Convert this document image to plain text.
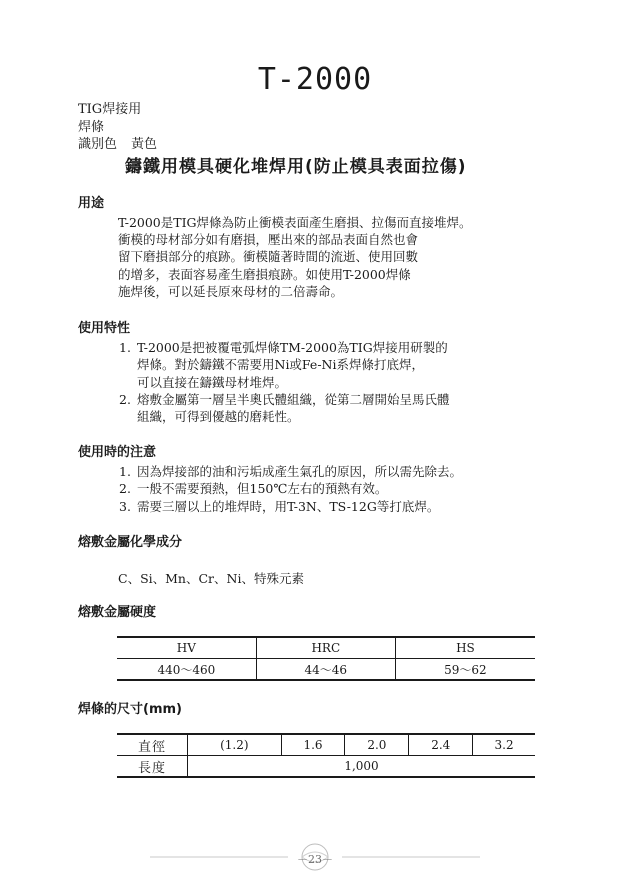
T-2000
TIG焊接用
焊條
識別色 黃色
鑄鐵用模具硬化堆焊用(防止模具表面拉傷)
用途
T-2000是TIG焊條為防止衝模表面產生磨損、拉傷而直接堆焊。
衝模的母材部分如有磨損，壓出來的部品表面自然也會
留下磨損部分的痕跡。衝模隨著時間的流逝、使用回數
的增多，表面容易產生磨損痕跡。如使用T-2000焊條
施焊後，可以延長原來母材的二倍壽命。
使用特性
1. T-2000是把被覆電弧焊條TM-2000為TIG焊接用研製的
焊條。對於鑄鐵不需要用Ni或Fe-Ni系焊條打底焊，
可以直接在鑄鐵母材堆焊。
2. 熔敷金屬第一層呈半奧氏體組織，從第二層開始呈馬氏體
組織，可得到優越的磨耗性。
使用時的注意
1. 因為焊接部的油和污垢成產生氣孔的原因，所以需先除去。
2. 一般不需要預熱，但150℃左右的預熱有效。
3. 需要三層以上的堆焊時，用T-3N、TS-12G等打底焊。
熔敷金屬化學成分
C、Si、Mn、Cr、Ni、特殊元素
熔敷金屬硬度
HV	HRC	HS
440～460	44～46	59～62
焊條的尺寸(mm)
直徑	(1.2)	1.6	2.0	2.4	3.2
長度	1,000				
－23－
